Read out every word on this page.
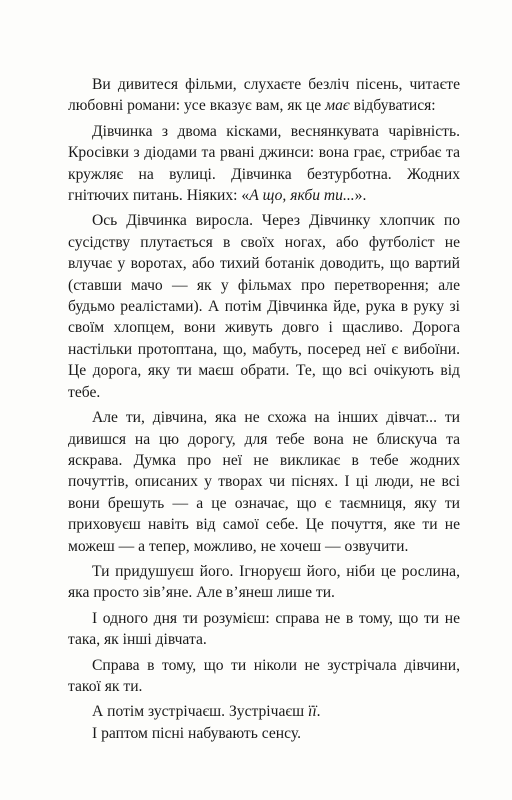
Ви дивитеся фільми, слухаєте безліч пісень, читаєте любовні романи: усе вказує вам, як це має відбуватися:

Дівчинка з двома кісками, веснянкувата чарівність. Кросівки з діодами та рвані джинси: вона грає, стрибає та кружляє на вулиці. Дівчинка безтурботна. Жодних гнітючих питань. Ніяких: «А що, якби ти...».

Ось Дівчинка виросла. Через Дівчинку хлопчик по сусідству плутається в своїх ногах, або футболіст не влучає у воротах, або тихий ботанік доводить, що вартий (ставши мачо — як у фільмах про перетворення; але будьмо реалістами). А потім Дівчинка йде, рука в руку зі своїм хлопцем, вони живуть довго і щасливо. Дорога настільки протоптана, що, мабуть, посеред неї є вибоїни. Це дорога, яку ти маєш обрати. Те, що всі очікують від тебе.

Але ти, дівчина, яка не схожа на інших дівчат... ти дивишся на цю дорогу, для тебе вона не блискуча та яскрава. Думка про неї не викликає в тебе жодних почуттів, описаних у творах чи піснях. І ці люди, не всі вони брешуть — а це означає, що є таємниця, яку ти приховуєш навіть від самої себе. Це почуття, яке ти не можеш — а тепер, можливо, не хочеш — озвучити.

Ти придушуєш його. Ігноруєш його, ніби це рослина, яка просто зів’яне. Але в’янеш лише ти.

І одного дня ти розумієш: справа не в тому, що ти не така, як інші дівчата.

Справа в тому, що ти ніколи не зустрічала дівчини, такої як ти.

А потім зустрічаєш. Зустрічаєш її.

І раптом пісні набувають сенсу.
